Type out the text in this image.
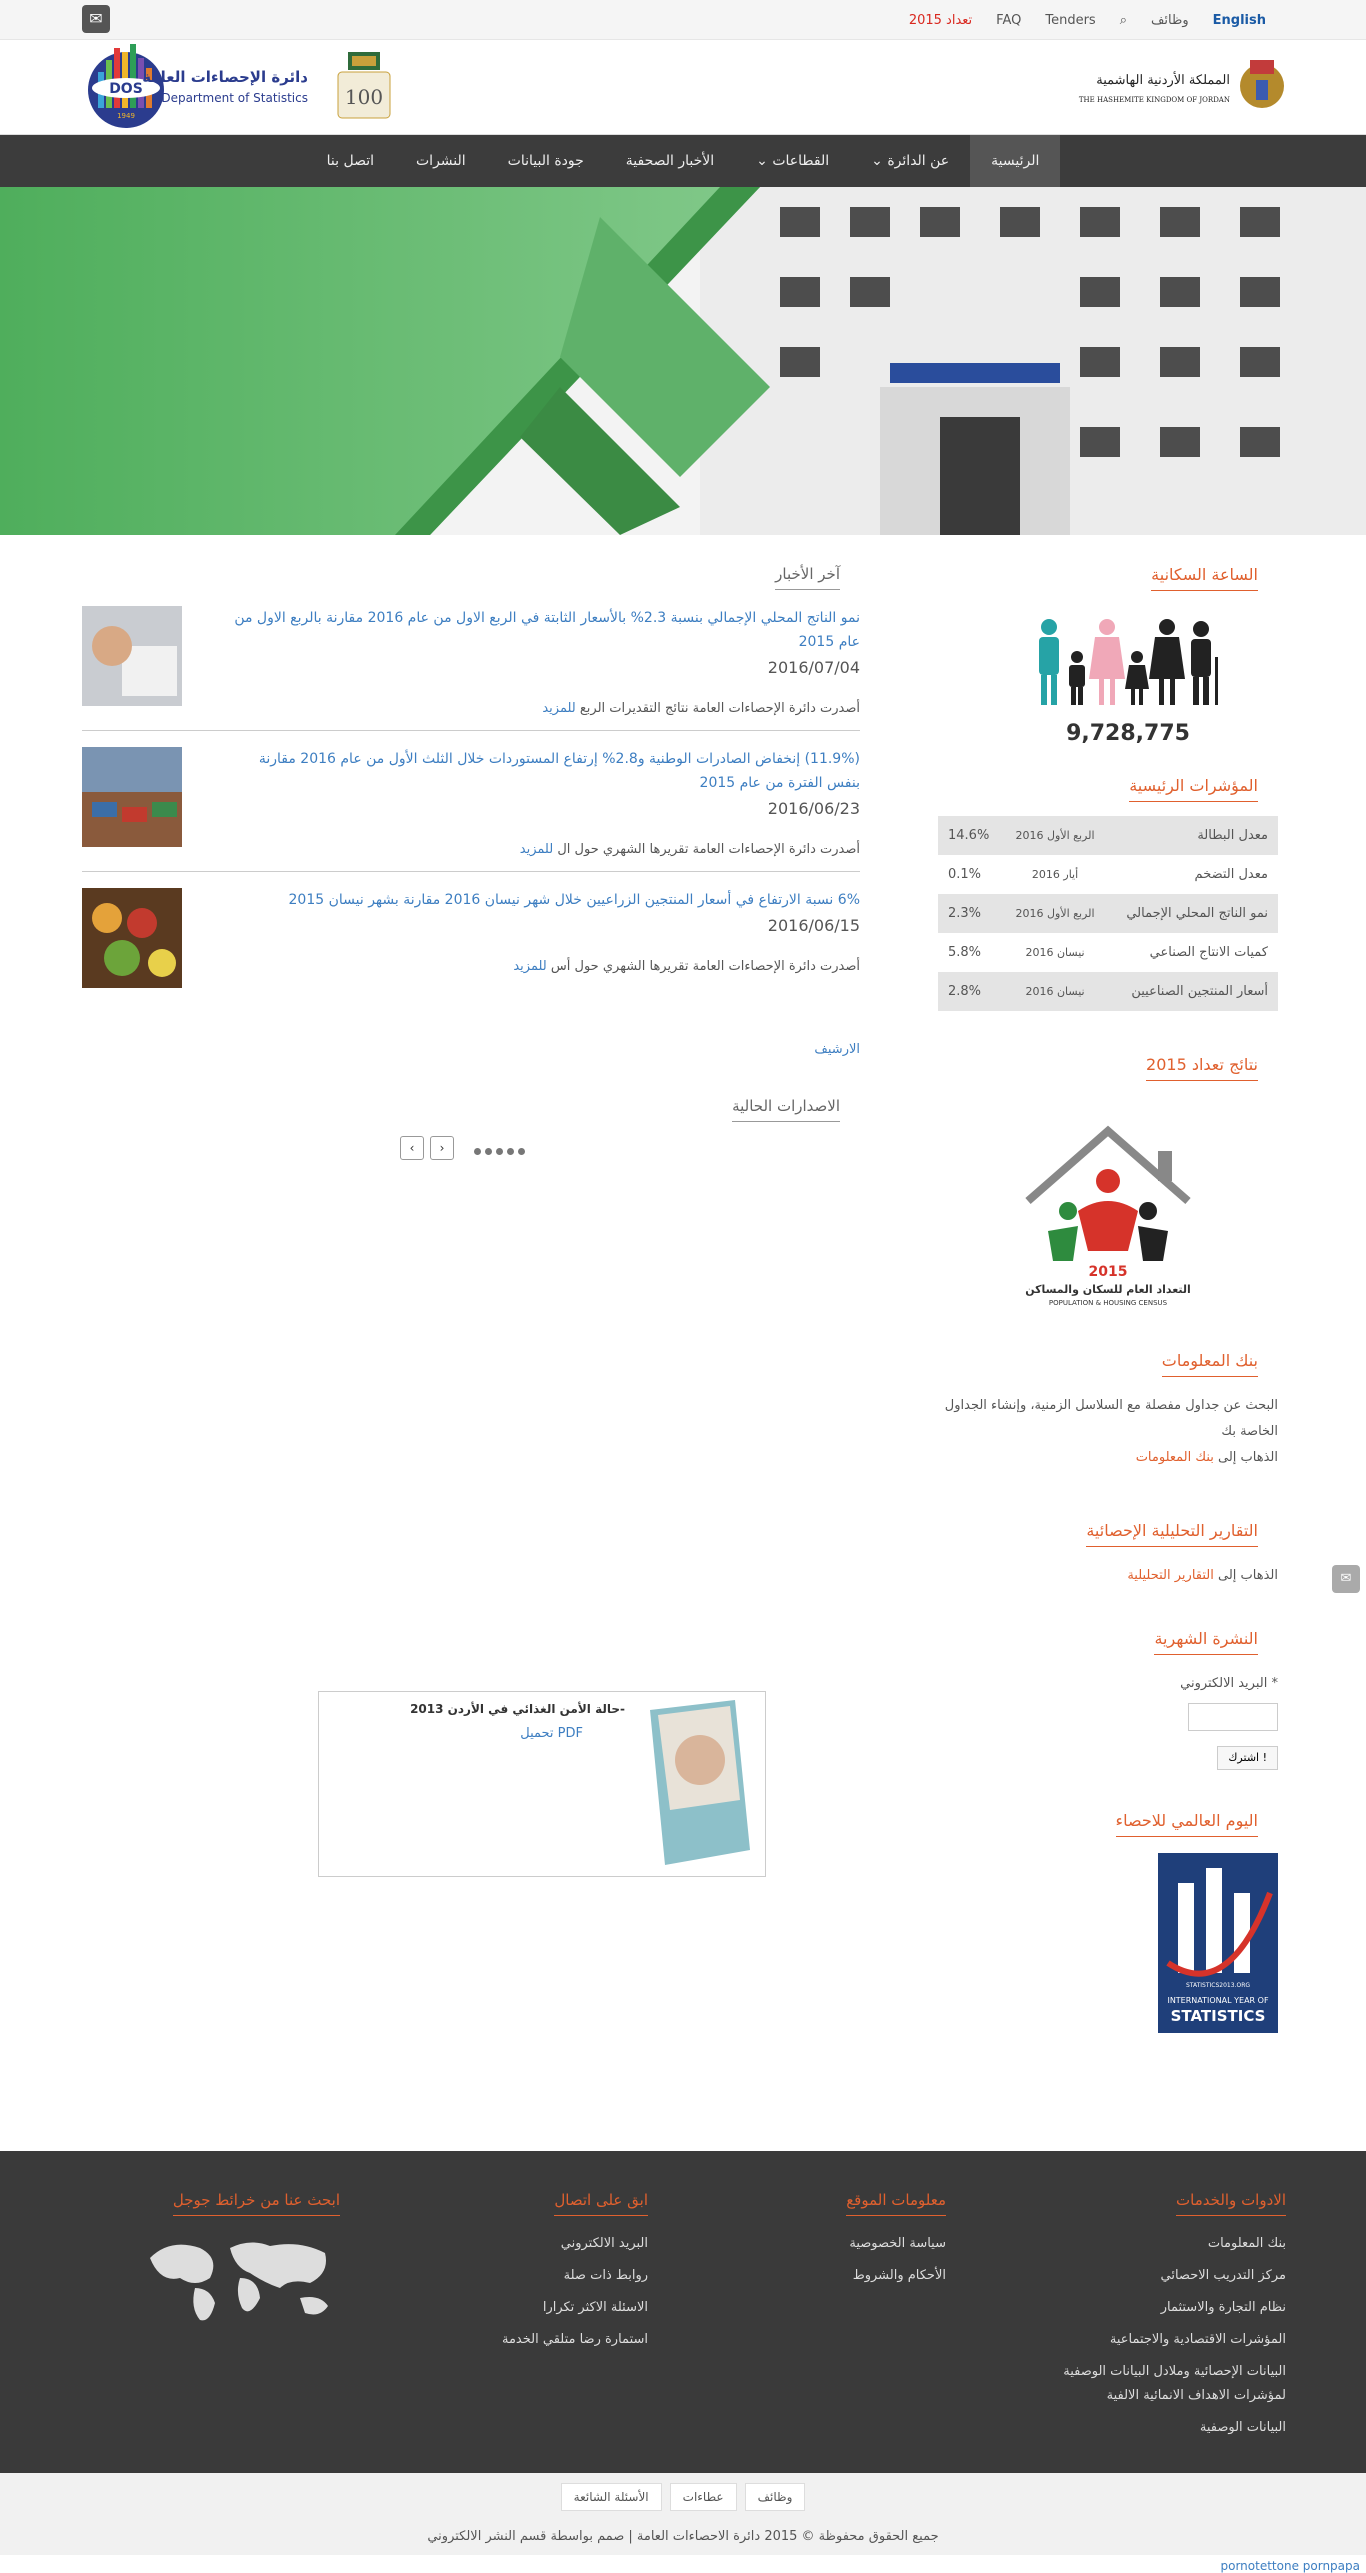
✉	تعداد 2015 FAQ Tenders ⌕ وظائف English
DOS
1949
دائرة الإحصاءات العامة
Department of Statistics 100
المملكة الأردنية الهاشمية
THE HASHEMITE KINGDOM OF JORDAN
الرئيسية
عن الدائرة ⌄
القطاعات ⌄
الأخبار الصحفية
جودة البيانات
النشرات
اتصل بنا
آخر الأخبار
نمو الناتج المحلي الإجمالي بنسبة 2.3% بالأسعار الثابتة في الربع الاول من عام 2016 مقارنة بالربع الاول من عام 2015
2016/07/04
أصدرت دائرة الإحصاءات العامة نتائج التقديرات الربع للمزيد
(11.9%) إنخفاض الصادرات الوطنية و2.8% إرتفاع المستوردات خلال الثلث الأول من عام 2016 مقارنة بنفس الفترة من عام 2015
2016/06/23
أصدرت دائرة الإحصاءات العامة تقريرها الشهري حول ال للمزيد
6% نسبة الارتفاع في أسعار المنتجين الزراعيين خلال شهر نيسان 2016 مقارنة بشهر نيسان 2015
2016/06/15
أصدرت دائرة الإحصاءات العامة تقريرها الشهري حول أس للمزيد
الارشيف
الاصدارات الحالية
‹	›
حالة الأمن الغذائي في الأردن 2013-
تحميل PDF
الساعة السكانية
9,728,775
المؤشرات الرئيسية
معدل البطالة	الربع الأول 2016	14.6%
معدل التضخم	أيار 2016	0.1%
نمو الناتج المحلي الإجمالي	الربع الأول 2016	2.3%
كميات الانتاج الصناعي	نيسان 2016	5.8%
أسعار المنتجين الصناعيين	نيسان 2016	2.8%
نتائج تعداد 2015
2015
التعداد العام للسكان والمساكن
POPULATION & HOUSING CENSUS
بنك المعلومات
البحث عن جداول مفصلة مع السلاسل الزمنية، وإنشاء الجداول الخاصة بك
الذهاب إلى بنك المعلومات
التقارير التحليلية الإحصائية
الذهاب إلى التقارير التحليلية
النشرة الشهرية
البريد الالكتروني *

اشترك !
اليوم العالمي للاحصاء
STATISTICS2013.ORG
INTERNATIONAL YEAR OF
STATISTICS
✉
الادوات والخدمات
بنك المعلومات
مركز التدريب الاحصائي
نظام التجارة والاستثمار
المؤشرات الاقتصادية والاجتماعية
البيانات الإحصائية وملادل البيانات الوصفية لمؤشرات الاهداف الانمائية الالفية
البيانات الوصفية
معلومات الموقع
سياسة الخصوصية
الأحكام والشروط
ابق على اتصال
البريد الالكتروني
روابط ذات صلة
الاسئلة الاكثر تكرارا
استمارة رضا متلقي الخدمة
ابحث عنا من خرائط جوجل
وظائف
عطاءات
الأسئلة الشائعة
جميع الحقوق محفوظة © 2015 دائرة الاحصاءات العامة | صمم بواسطة قسم النشر الالكتروني
pornotettone pornpapa
